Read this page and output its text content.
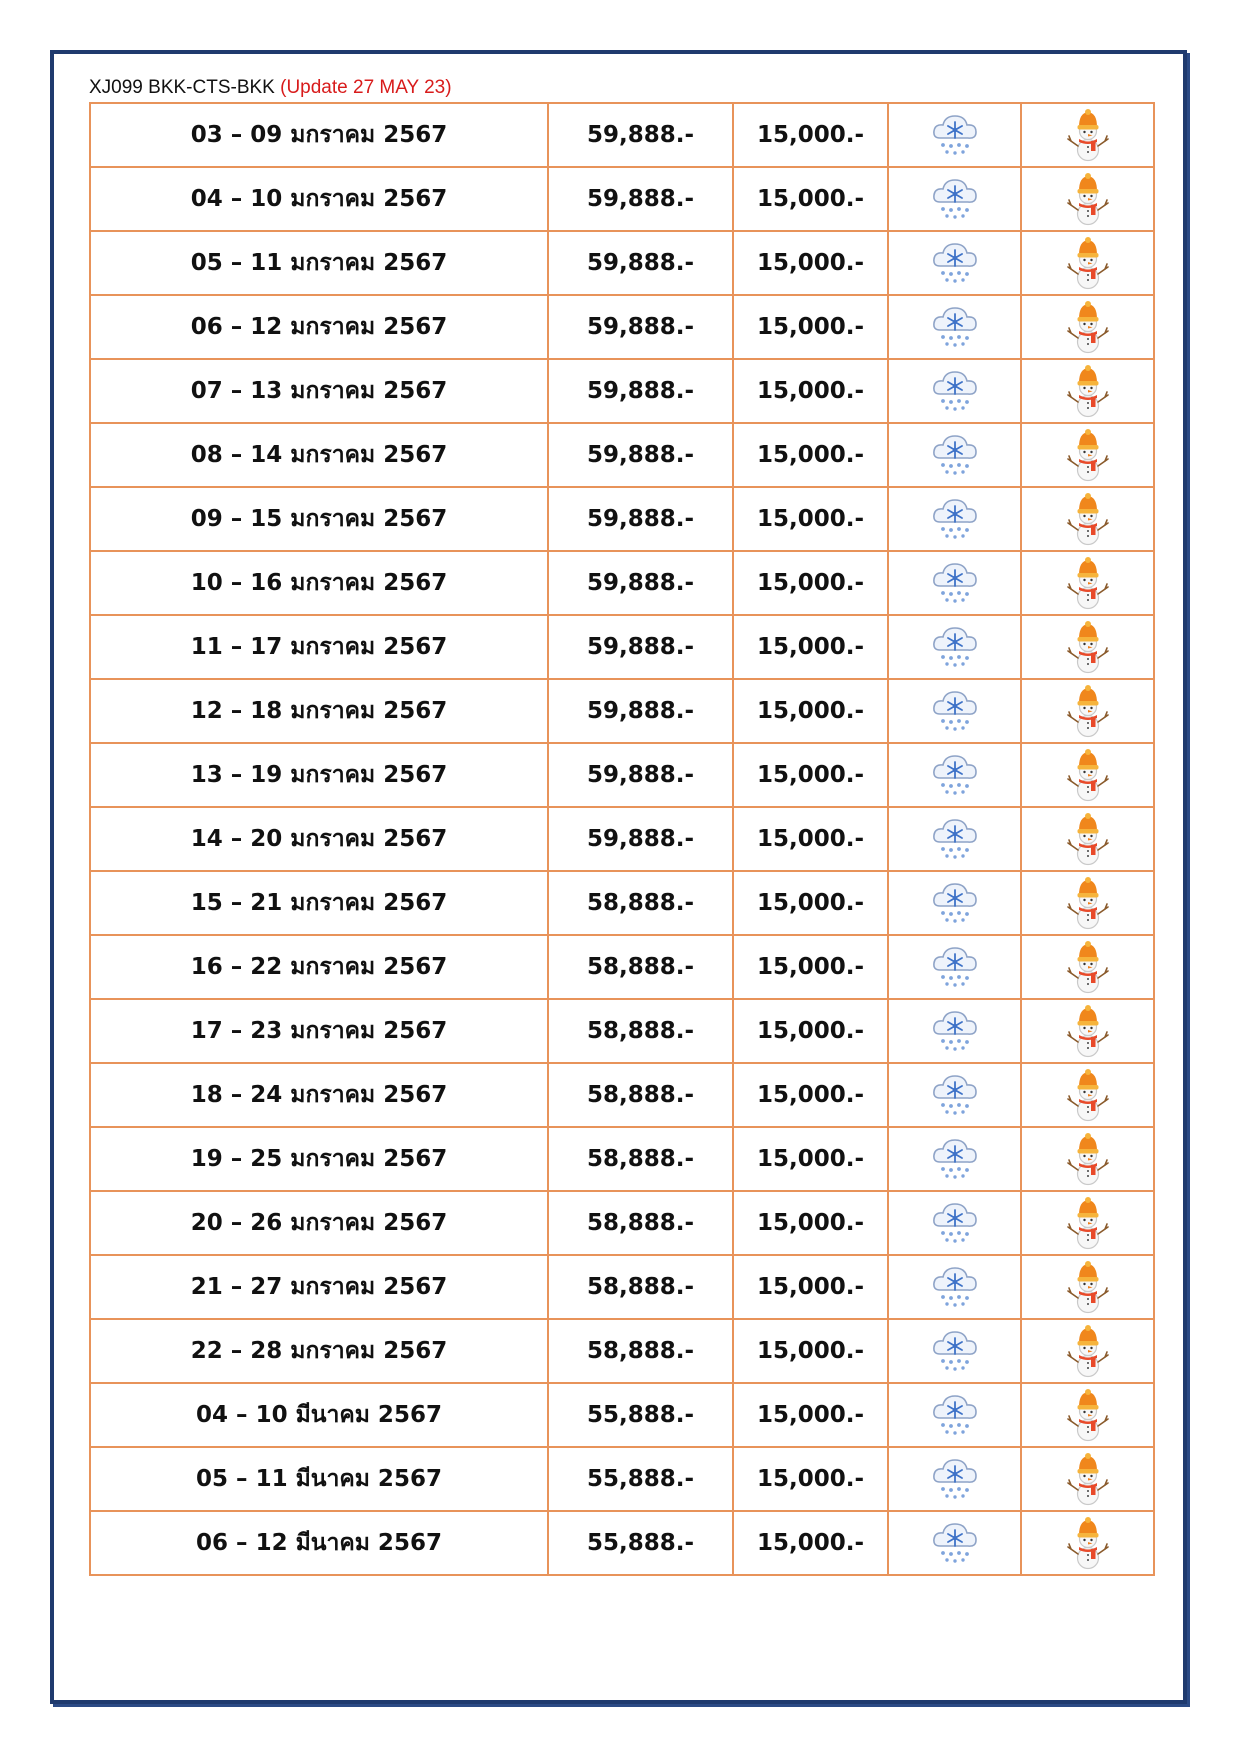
XJ099 BKK-CTS-BKK (Update 27 MAY 23)
03 – 09 มกราคม 2567	59,888.-	15,000.-	

04 – 10 มกราคม 2567	59,888.-	15,000.-	

05 – 11 มกราคม 2567	59,888.-	15,000.-	

06 – 12 มกราคม 2567	59,888.-	15,000.-	

07 – 13 มกราคม 2567	59,888.-	15,000.-	

08 – 14 มกราคม 2567	59,888.-	15,000.-	

09 – 15 มกราคม 2567	59,888.-	15,000.-	

10 – 16 มกราคม 2567	59,888.-	15,000.-	

11 – 17 มกราคม 2567	59,888.-	15,000.-	

12 – 18 มกราคม 2567	59,888.-	15,000.-	

13 – 19 มกราคม 2567	59,888.-	15,000.-	

14 – 20 มกราคม 2567	59,888.-	15,000.-	

15 – 21 มกราคม 2567	58,888.-	15,000.-	

16 – 22 มกราคม 2567	58,888.-	15,000.-	

17 – 23 มกราคม 2567	58,888.-	15,000.-	

18 – 24 มกราคม 2567	58,888.-	15,000.-	

19 – 25 มกราคม 2567	58,888.-	15,000.-	

20 – 26 มกราคม 2567	58,888.-	15,000.-	

21 – 27 มกราคม 2567	58,888.-	15,000.-	

22 – 28 มกราคม 2567	58,888.-	15,000.-	

04 – 10 มีนาคม 2567	55,888.-	15,000.-	

05 – 11 มีนาคม 2567	55,888.-	15,000.-	

06 – 12 มีนาคม 2567	55,888.-	15,000.-	
